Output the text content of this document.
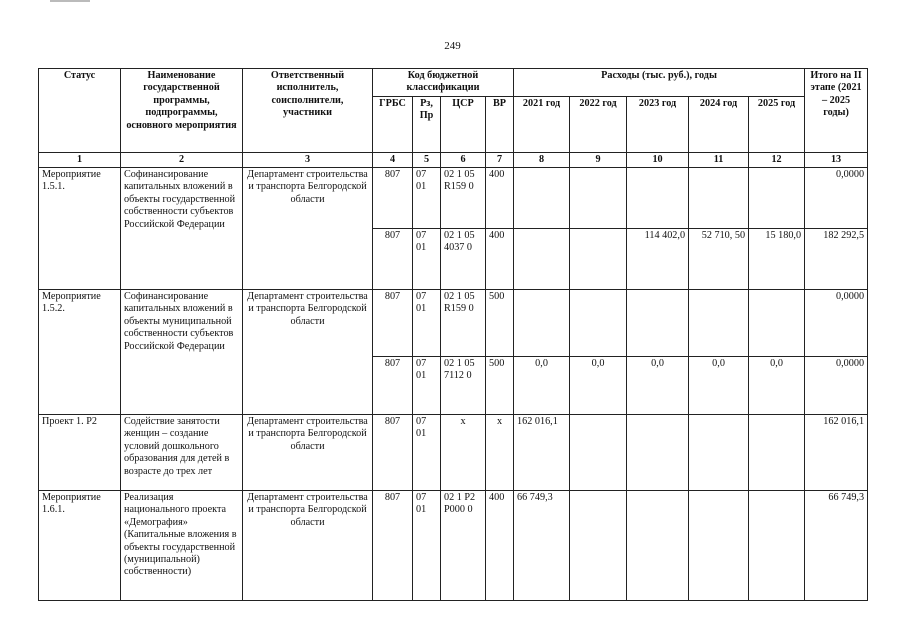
249
Статус	Наименование государственной программы, подпрограммы, основного мероприятия	Ответственный исполнитель, соисполнители, участники	Код бюджетной классификации				Расходы (тыс. руб.), годы					Итого на II этапе (2021 – 2025 годы)
			ГРБС	Рз, Пр	ЦСР	ВР	2021 год	2022 год	2023 год	2024 год	2025 год	
1	2	3	4	5	6	7	8	9	10	11	12	13
Мероприятие 1.5.1.	Софинансирование капитальных вложений в объекты государственной собственности субъектов Российской Федерации	Департамент строительства и транспорта Белгородской области	807	07 01	02 1 05 R159 0	400						0,0000
			807	07 01	02 1 05 4037 0	400			114 402,0	52 710, 50	15 180,0	182 292,5
Мероприятие 1.5.2.	Софинансирование капитальных вложений в объекты муниципальной собственности субъектов Российской Федерации	Департамент строительства и транспорта Белгородской области	807	07 01	02 1 05 R159 0	500						0,0000
			807	07 01	02 1 05 7112 0	500	0,0	0,0	0,0	0,0	0,0	0,0000
Проект 1. Р2	Содействие занятости женщин – создание условий дошкольного образования для детей в возрасте до трех лет	Департамент строительства и транспорта Белгородской области	807	07 01	x	x	162 016,1					162 016,1
Мероприятие 1.6.1.	Реализация национального проекта «Демография» (Капитальные вложения в объекты государственной (муниципальной) собственности)	Департамент строительства и транспорта Белгородской области	807	07 01	02 1 Р2 Р000 0	400	66 749,3					66 749,3
